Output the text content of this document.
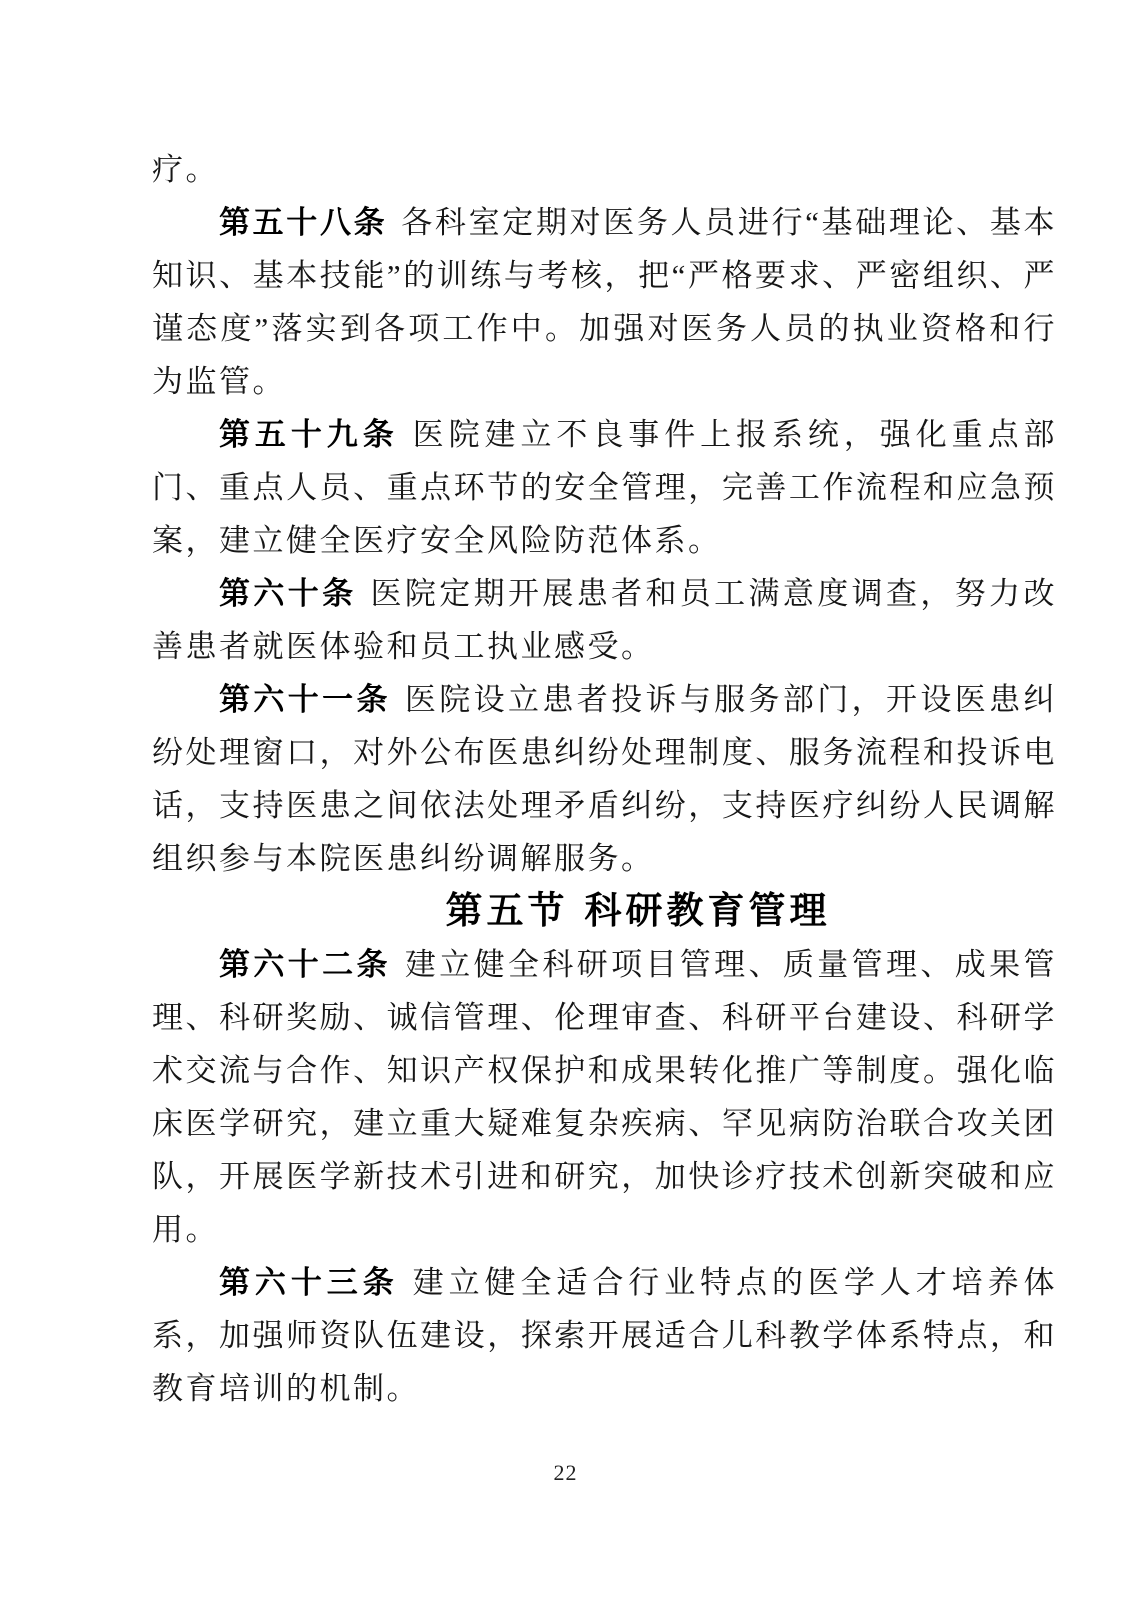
疗。

第五十八条 各科室定期对医务人员进行“基础理论、基本知识、基本技能”的训练与考核，把“严格要求、严密组织、严谨态度”落实到各项工作中。加强对医务人员的执业资格和行为监管。

第五十九条 医院建立不良事件上报系统，强化重点部门、重点人员、重点环节的安全管理，完善工作流程和应急预案，建立健全医疗安全风险防范体系。

第六十条 医院定期开展患者和员工满意度调查，努力改善患者就医体验和员工执业感受。

第六十一条 医院设立患者投诉与服务部门，开设医患纠纷处理窗口，对外公布医患纠纷处理制度、服务流程和投诉电话，支持医患之间依法处理矛盾纠纷，支持医疗纠纷人民调解组织参与本院医患纠纷调解服务。

第五节 科研教育管理

第六十二条 建立健全科研项目管理、质量管理、成果管理、科研奖励、诚信管理、伦理审查、科研平台建设、科研学术交流与合作、知识产权保护和成果转化推广等制度。强化临床医学研究，建立重大疑难复杂疾病、罕见病防治联合攻关团队，开展医学新技术引进和研究，加快诊疗技术创新突破和应用。

第六十三条 建立健全适合行业特点的医学人才培养体系，加强师资队伍建设，探索开展适合儿科教学体系特点，和教育培训的机制。

22
